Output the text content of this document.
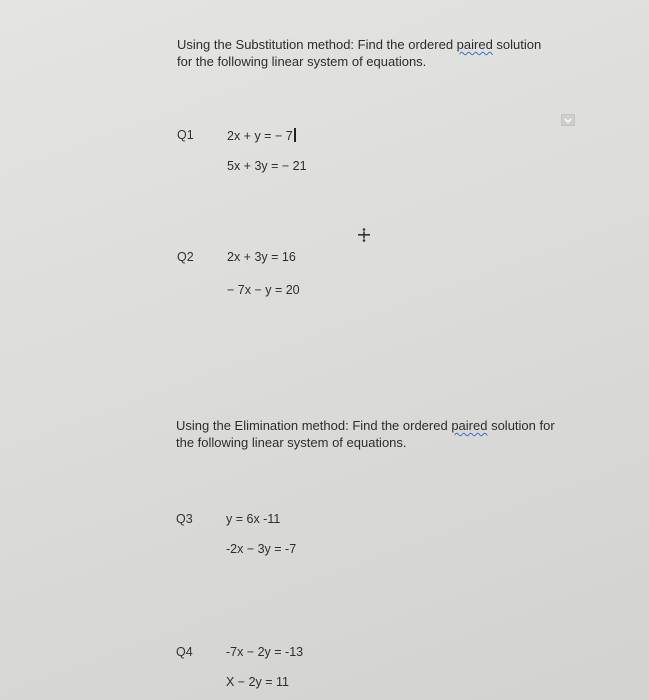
Using the Substitution method: Find the ordered paired solution
for the following linear system of equations.
Q1	2x + y = − 7
5x + 3y = − 21
Q2	2x + 3y = 16
− 7x − y = 20
Using the Elimination method: Find the ordered paired solution for
the following linear system of equations.
Q3	y = 6x -11
-2x − 3y = -7
Q4	-7x − 2y = -13
X − 2y = 11
